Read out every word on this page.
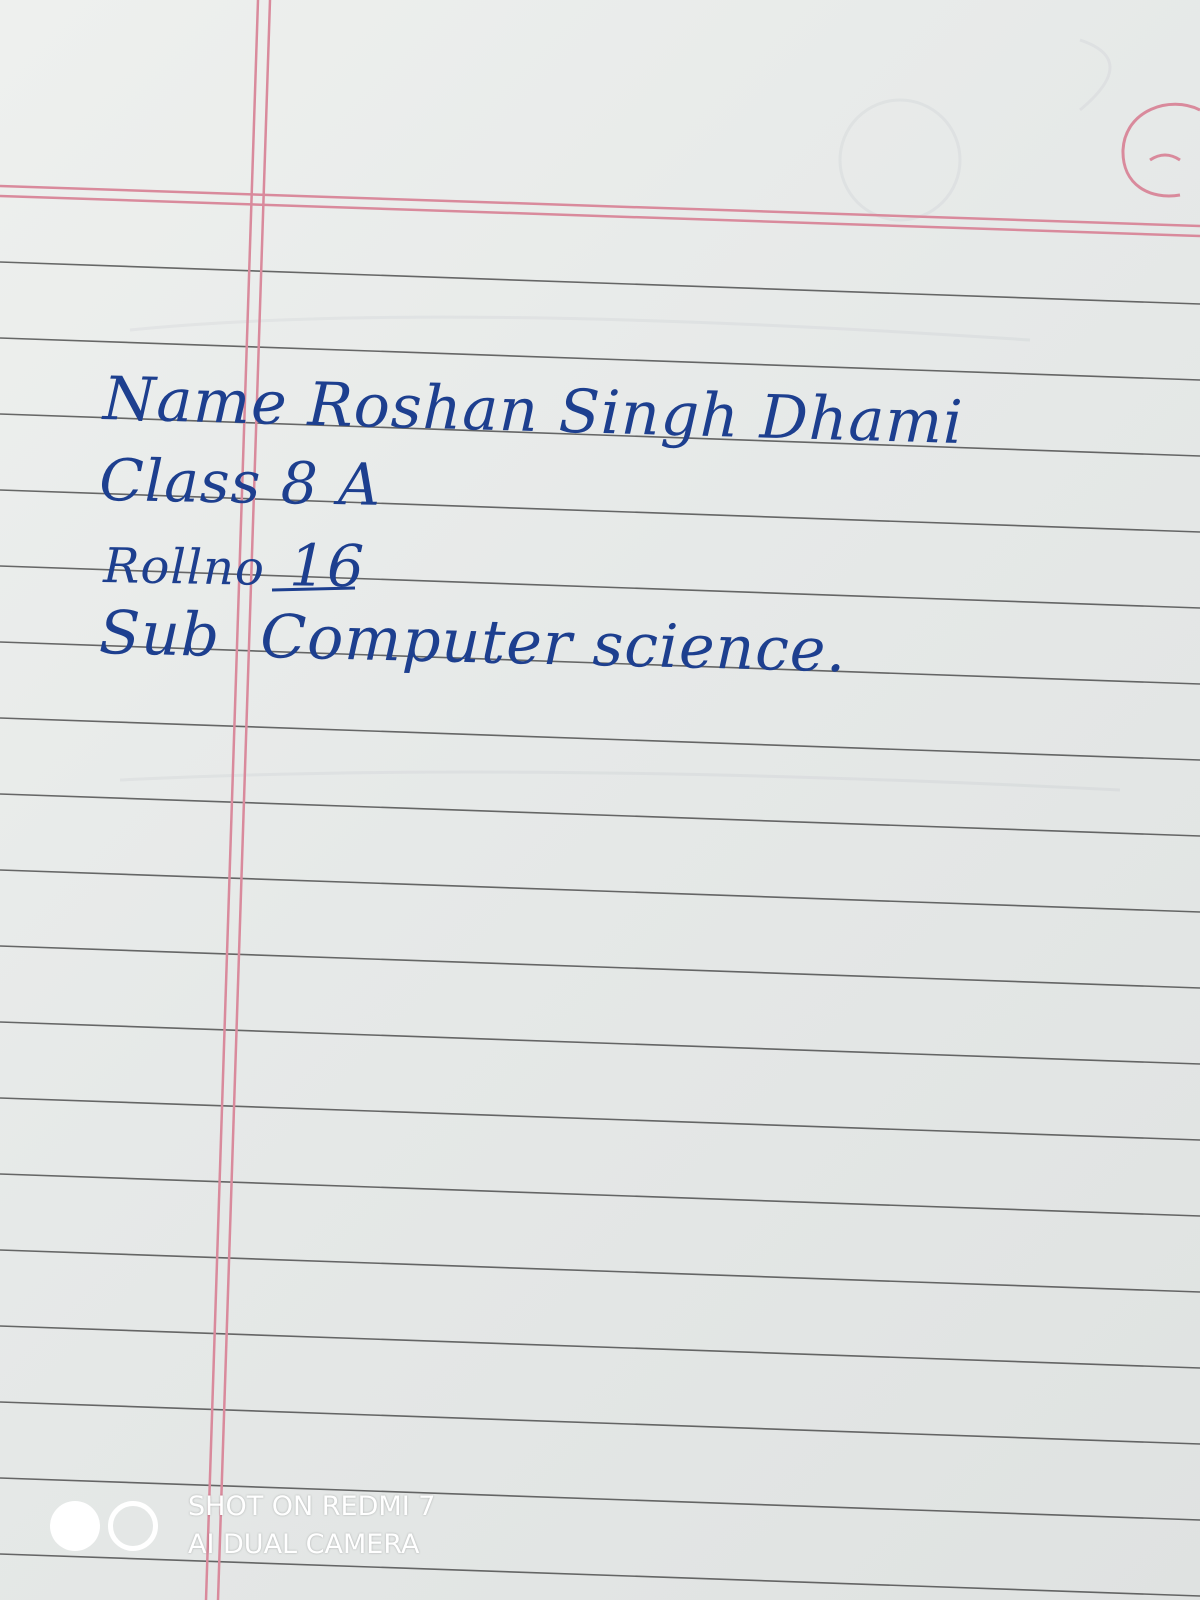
Name Roshan Singh Dhami
Class 8 A
Rollno 16
Sub Computer science.
SHOT ON REDMI 7
AI DUAL CAMERA
